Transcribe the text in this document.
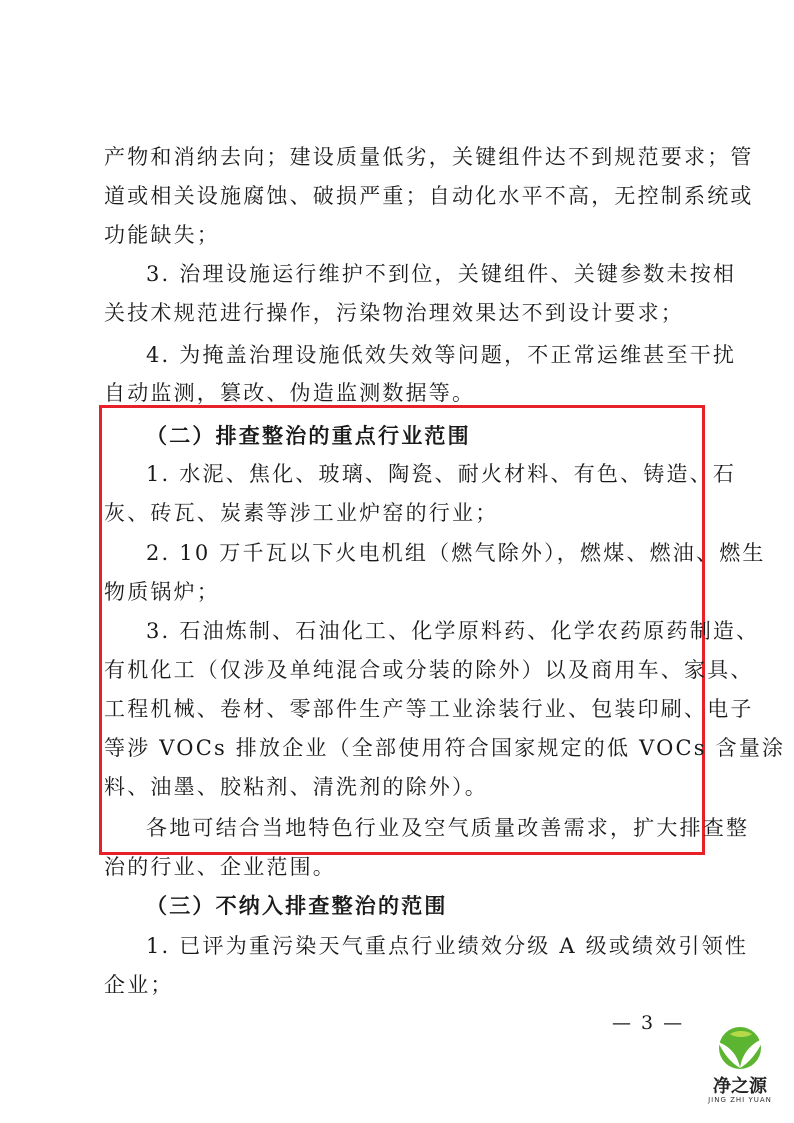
产物和消纳去向；建设质量低劣，关键组件达不到规范要求；管
道或相关设施腐蚀、破损严重；自动化水平不高，无控制系统或
功能缺失；
3. 治理设施运行维护不到位，关键组件、关键参数未按相
关技术规范进行操作，污染物治理效果达不到设计要求；
4. 为掩盖治理设施低效失效等问题，不正常运维甚至干扰
自动监测，篡改、伪造监测数据等。
（二）排查整治的重点行业范围
1. 水泥、焦化、玻璃、陶瓷、耐火材料、有色、铸造、石
灰、砖瓦、炭素等涉工业炉窑的行业；
2. 10 万千瓦以下火电机组（燃气除外），燃煤、燃油、燃生
物质锅炉；
3. 石油炼制、石油化工、化学原料药、化学农药原药制造、
有机化工（仅涉及单纯混合或分装的除外）以及商用车、家具、
工程机械、卷材、零部件生产等工业涂装行业、包装印刷、电子
等涉 VOCs 排放企业（全部使用符合国家规定的低 VOCs 含量涂
料、油墨、胶粘剂、清洗剂的除外）。
各地可结合当地特色行业及空气质量改善需求，扩大排查整
治的行业、企业范围。
（三）不纳入排查整治的范围
1. 已评为重污染天气重点行业绩效分级 A 级或绩效引领性
企业；
— 3 —
净之源
JING ZHI YUAN
